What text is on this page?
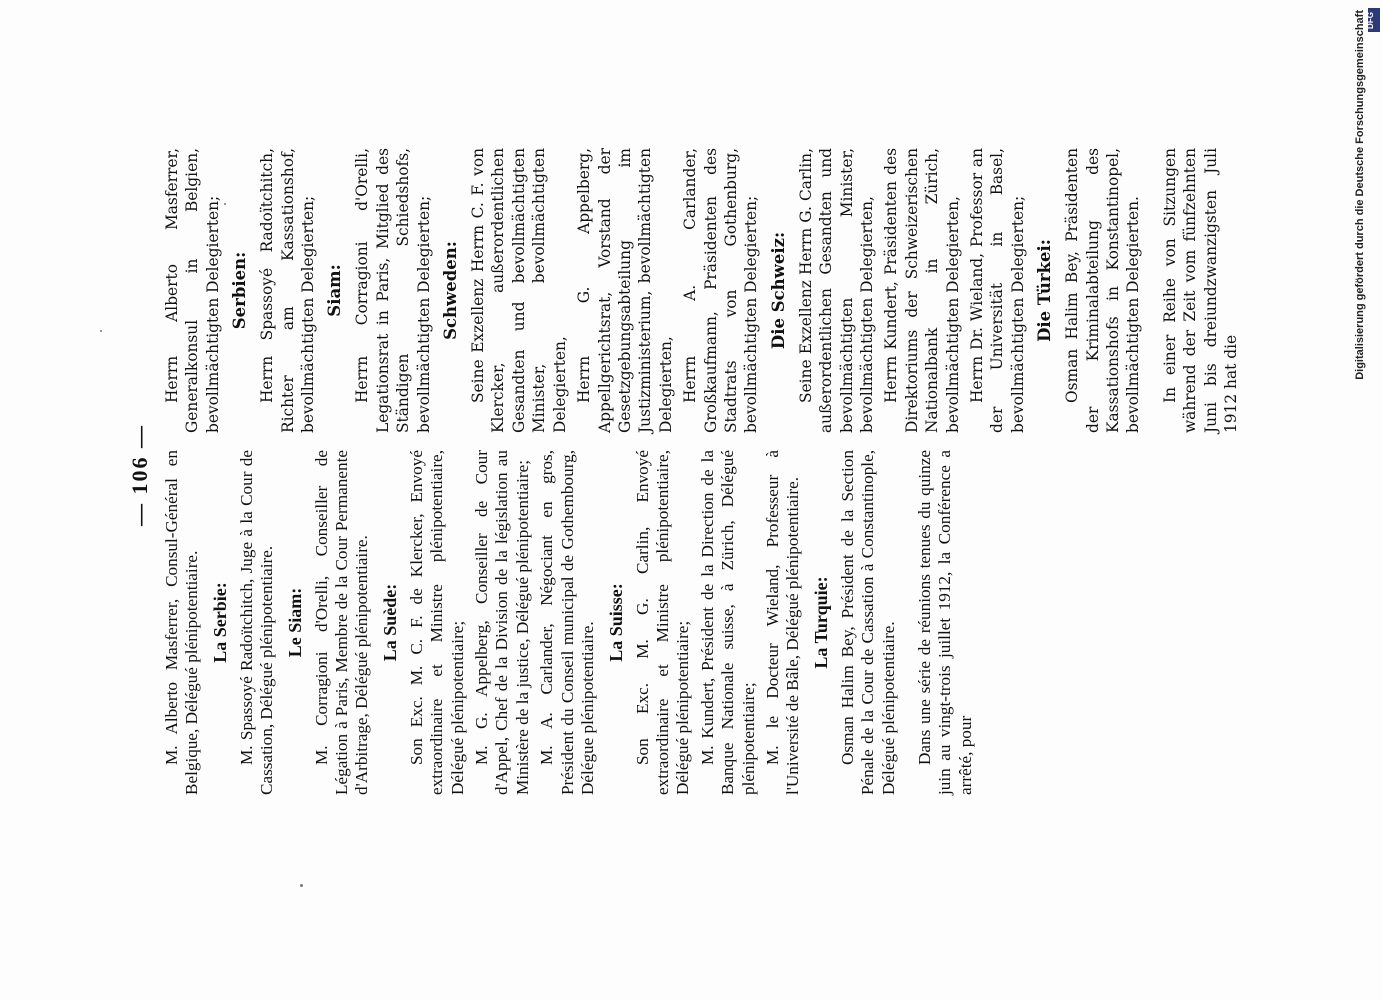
— 106 — M. Alberto Masferrer, Consul-Général en Belgique, Délégué plénipotentiaire. La Serbie: M. Spassoyé Radoïtchitch, Juge à la Cour de Cassation, Délégué plénipotentiaire. Le Siam: M. Corragioni d'Orelli, Conseiller de Légation à Paris, Membre de la Cour Permanente d'Arbitrage, Délégué plénipotentiaire. La Suède: Son Exc. M. C. F. de Klercker, Envoyé extraordinaire et Ministre plénipotentiaire, Délégué plénipotentiaire; M. G. Appelberg, Conseiller de Cour d'Appel, Chef de la Division de la législation au Ministère de la justice, Délégué plénipotentiaire; M. A. Carlander, Négociant en gros, Président du Conseil municipal de Gothembourg, Délégue plénipotentiaire. La Suisse: Son Exc. M. G. Carlin, Envoyé extraordinaire et Ministre plénipotentiaire, Délégué plénipotentiaire; M. Kundert, Président de la Direction de la Banque Nationale suisse, à Zürich, Délégué plénipotentiaire; M. le Docteur Wieland, Professeur à l'Université de Bâle, Délégué plénipotentiaire. La Turquie: Osman Halim Bey, Président de la Section Pénale de la Cour de Cassation à Constantinople, Délégué plénipotentiaire. Dans une série de réunions tenues du quinze juin au vingt-trois juillet 1912, la Conférence a arrêté, pour
Herrn Alberto Masferrer, Generalkonsul in Belgien, bevollmächtigten Delegierten; Serbien: Herrn Spassoyé Radoïtchitch, Richter am Kassationshof, bevollmächtigten Delegierten; Siam: Herrn Corragioni d'Orelli, Legationsrat in Paris, Mitglied des Ständigen Schiedshofs, bevollmächtigten Delegierten; Schweden: Seine Exzellenz Herrn C. F. von Klercker, außerordentlichen Gesandten und bevollmächtigten Minister, bevollmächtigten Delegierten, Herrn G. Appelberg, Appellgerichtsrat, Vorstand der Gesetzgebungsabteilung im Justizministerium, bevollmächtigten Delegierten, Herrn A. Carlander, Großkaufmann, Präsidenten des Stadtrats von Gothenburg, bevollmächtigten Delegierten; Die Schweiz: Seine Exzellenz Herrn G. Carlin, außerordentlichen Gesandten und bevollmächtigten Minister, bevollmächtigten Delegierten, Herrn Kundert, Präsidenten des Direktoriums der Schweizerischen Nationalbank in Zürich, bevollmächtigten Delegierten, Herrn Dr. Wieland, Professor an der Universität in Basel, bevollmächtigten Delegierten; Die Türkei: Osman Halim Bey, Präsidenten der Kriminalabteilung des Kassationshofs in Konstantinopel, bevollmächtigten Delegierten. In einer Reihe von Sitzungen während der Zeit vom fünfzehnten Juni bis dreiundzwanzigsten Juli 1912 hat die
Digitalisierung gefördert durch die Deutsche Forschungsgemeinschaft DFG
